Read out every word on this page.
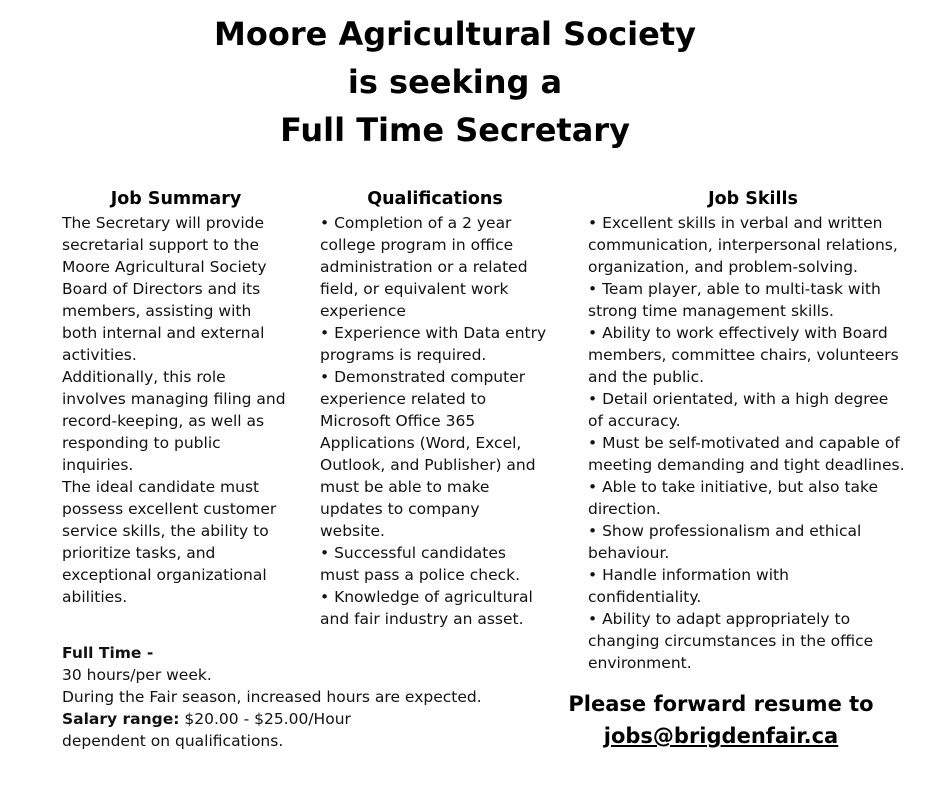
Moore Agricultural Society
is seeking a
Full Time Secretary
Job Summary

The Secretary will provide

secretarial support to the

Moore Agricultural Society

Board of Directors and its

members, assisting with

both internal and external

activities.

Additionally, this role

involves managing filing and

record-keeping, as well as

responding to public

inquiries.

The ideal candidate must

possess excellent customer

service skills, the ability to

prioritize tasks, and

exceptional organizational

abilities.

Qualifications

• Completion of a 2 year

college program in office

administration or a related

field, or equivalent work

experience

• Experience with Data entry

programs is required.

• Demonstrated computer

experience related to

Microsoft Office 365

Applications (Word, Excel,

Outlook, and Publisher) and

must be able to make

updates to company

website.

• Successful candidates

must pass a police check.

• Knowledge of agricultural

and fair industry an asset.

Job Skills

• Excellent skills in verbal and written

communication, interpersonal relations,

organization, and problem-solving.

• Team player, able to multi-task with

strong time management skills.

• Ability to work effectively with Board

members, committee chairs, volunteers

and the public.

• Detail orientated, with a high degree

of accuracy.

• Must be self-motivated and capable of

meeting demanding and tight deadlines.

• Able to take initiative, but also take

direction.

• Show professionalism and ethical

behaviour.

• Handle information with

confidentiality.

• Ability to adapt appropriately to

changing circumstances in the office

environment.

Full Time -

30 hours/per week.

During the Fair season, increased hours are expected.

Salary range: $20.00 - $25.00/Hour

dependent on qualifications.

Please forward resume to
jobs@brigdenfair.ca
